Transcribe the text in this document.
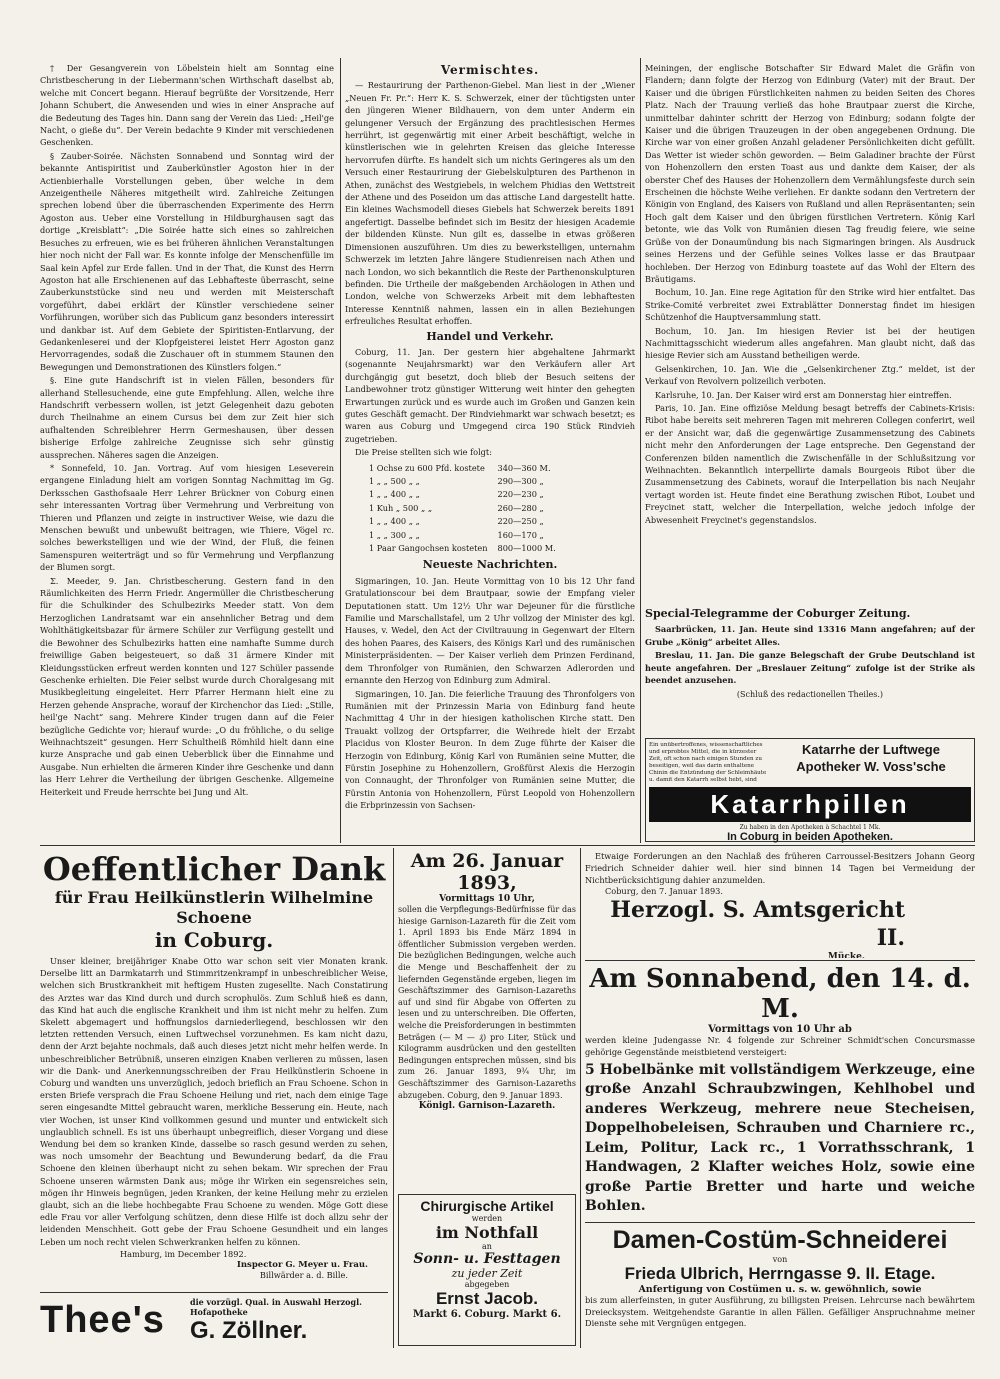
† Der Gesangverein von Löbelstein hielt am Sonntag eine Christbescherung in der Liebermann'schen Wirthschaft daselbst ab, welche mit Concert begann. Hierauf begrüßte der Vorsitzende, Herr Johann Schubert, die Anwesenden und wies in einer Ansprache auf die Bedeutung des Tages hin. Dann sang der Verein das Lied: „Heil'ge Nacht, o gieße du“. Der Verein bedachte 9 Kinder mit verschiedenen Geschenken.

§ Zauber-Soirée. Nächsten Sonnabend und Sonntag wird der bekannte Antispiritist und Zauberkünstler Agoston hier in der Actienbierhalle Vorstellungen geben, über welche in dem Anzeigentheile Näheres mitgetheilt wird. Zahlreiche Zeitungen sprechen lobend über die überraschenden Experimente des Herrn Agoston aus. Ueber eine Vorstellung in Hildburghausen sagt das dortige „Kreisblatt“: „Die Soirée hatte sich eines so zahlreichen Besuches zu erfreuen, wie es bei früheren ähnlichen Veranstaltungen hier noch nicht der Fall war. Es konnte infolge der Menschenfülle im Saal kein Apfel zur Erde fallen. Und in der That, die Kunst des Herrn Agoston hat alle Erschienenen auf das Lebhafteste überrascht, seine Zauberkunststücke sind neu und werden mit Meisterschaft vorgeführt, dabei erklärt der Künstler verschiedene seiner Vorführungen, worüber sich das Publicum ganz besonders interessirt und dankbar ist. Auf dem Gebiete der Spiritisten-Entlarvung, der Gedankenleserei und der Klopfgeisterei leistet Herr Agoston ganz Hervorragendes, sodaß die Zuschauer oft in stummem Staunen den Bewegungen und Demonstrationen des Künstlers folgen.“

§. Eine gute Handschrift ist in vielen Fällen, besonders für allerhand Stellesuchende, eine gute Empfehlung. Allen, welche ihre Handschrift verbessern wollen, ist jetzt Gelegenheit dazu geboten durch Theilnahme an einem Cursus bei dem zur Zeit hier sich aufhaltenden Schreiblehrer Herrn Germeshausen, über dessen bisherige Erfolge zahlreiche Zeugnisse sich sehr günstig aussprechen. Näheres sagen die Anzeigen.

* Sonnefeld, 10. Jan. Vortrag. Auf vom hiesigen Leseverein ergangene Einladung hielt am vorigen Sonntag Nachmittag im Gg. Derksschen Gasthofsaale Herr Lehrer Brückner von Coburg einen sehr interessanten Vortrag über Vermehrung und Verbreitung von Thieren und Pflanzen und zeigte in instructiver Weise, wie dazu die Menschen bewußt und unbewußt beitragen, wie Thiere, Vögel rc. solches bewerkstelligen und wie der Wind, der Fluß, die feinen Samenspuren weiterträgt und so für Vermehrung und Verpflanzung der Blumen sorgt.

Σ. Meeder, 9. Jan. Christbescherung. Gestern fand in den Räumlichkeiten des Herrn Friedr. Angermüller die Christbescherung für die Schulkinder des Schulbezirks Meeder statt. Von dem Herzoglichen Landratsamt war ein ansehnlicher Betrag und dem Wohlthätigkeitsbazar für ärmere Schüler zur Verfügung gestellt und die Bewohner des Schulbezirks hatten eine namhafte Summe durch freiwillige Gaben beigesteuert, so daß 31 ärmere Kinder mit Kleidungsstücken erfreut werden konnten und 127 Schüler passende Geschenke erhielten. Die Feier selbst wurde durch Choralgesang mit Musikbegleitung eingeleitet. Herr Pfarrer Hermann hielt eine zu Herzen gehende Ansprache, worauf der Kirchenchor das Lied: „Stille, heil'ge Nacht“ sang. Mehrere Kinder trugen dann auf die Feier bezügliche Gedichte vor; hierauf wurde: „O du fröhliche, o du selige Weihnachtszeit“ gesungen. Herr Schultheiß Römhild hielt dann eine kurze Ansprache und gab einen Ueberblick über die Einnahme und Ausgabe. Nun erhielten die ärmeren Kinder ihre Geschenke und dann las Herr Lehrer die Vertheilung der übrigen Geschenke. Allgemeine Heiterkeit und Freude herrschte bei Jung und Alt.

Vermischtes.

— Restaurirung der Parthenon-Giebel. Man liest in der „Wiener „Neuen Fr. Pr.“: Herr K. S. Schwerzek, einer der tüchtigsten unter den jüngeren Wiener Bildhauern, von dem unter Anderm ein gelungener Versuch der Ergänzung des prachtlesischen Hermes herrührt, ist gegenwärtig mit einer Arbeit beschäftigt, welche in künstlerischen wie in gelehrten Kreisen das gleiche Interesse hervorrufen dürfte. Es handelt sich um nichts Geringeres als um den Versuch einer Restaurirung der Giebelskulpturen des Parthenon in Athen, zunächst des Westgiebels, in welchem Phidias den Wettstreit der Athene und des Poseidon um das attische Land dargestellt hatte. Ein kleines Wachsmodell dieses Giebels hat Schwerzek bereits 1891 angefertigt. Dasselbe befindet sich im Besitz der hiesigen Academie der bildenden Künste. Nun gilt es, dasselbe in etwas größeren Dimensionen auszuführen. Um dies zu bewerkstelligen, unternahm Schwerzek im letzten Jahre längere Studienreisen nach Athen und nach London, wo sich bekanntlich die Reste der Parthenonskulpturen befinden. Die Urtheile der maßgebenden Archäologen in Athen und London, welche von Schwerzeks Arbeit mit dem lebhaftesten Interesse Kenntniß nahmen, lassen ein in allen Beziehungen erfreuliches Resultat erhoffen.

Handel und Verkehr.

Coburg, 11. Jan. Der gestern hier abgehaltene Jahrmarkt (sogenannte Neujahrsmarkt) war den Verkäufern aller Art durchgängig gut besetzt, doch blieb der Besuch seitens der Landbewohner trotz günstiger Witterung weit hinter den gehegten Erwartungen zurück und es wurde auch im Großen und Ganzen kein gutes Geschäft gemacht. Der Rindviehmarkt war schwach besetzt; es waren aus Coburg und Umgegend circa 190 Stück Rindvieh zugetrieben.

Die Preise stellten sich wie folgt:

1 Ochse zu 600 Pfd. kostete	340—360 M.
1 „ „ 500 „ „	290—300 „
1 „ „ 400 „ „	220—230 „
1 Kuh „ 500 „ „	260—280 „
1 „ „ 400 „ „	220—250 „
1 „ „ 300 „ „	160—170 „
1 Paar Gangochsen kosteten	800—1000 M.
Neueste Nachrichten.

Sigmaringen, 10. Jan. Heute Vormittag von 10 bis 12 Uhr fand Gratulationscour bei dem Brautpaar, sowie der Empfang vieler Deputationen statt. Um 12½ Uhr war Dejeuner für die fürstliche Familie und Marschallstafel, um 2 Uhr vollzog der Minister des kgl. Hauses, v. Wedel, den Act der Civiltrauung in Gegenwart der Eltern des hohen Paares, des Kaisers, des Königs Karl und des rumänischen Ministerpräsidenten. — Der Kaiser verlieh dem Prinzen Ferdinand, dem Thronfolger von Rumänien, den Schwarzen Adlerorden und ernannte den Herzog von Edinburg zum Admiral.

Sigmaringen, 10. Jan. Die feierliche Trauung des Thronfolgers von Rumänien mit der Prinzessin Maria von Edinburg fand heute Nachmittag 4 Uhr in der hiesigen katholischen Kirche statt. Den Trauakt vollzog der Ortspfarrer, die Weihrede hielt der Erzabt Placidus von Kloster Beuron. In dem Zuge führte der Kaiser die Herzogin von Edinburg, König Karl von Rumänien seine Mutter, die Fürstin Josephine zu Hohenzollern, Großfürst Alexis die Herzogin von Connaught, der Thronfolger von Rumänien seine Mutter, die Fürstin Antonia von Hohenzollern, Fürst Leopold von Hohenzollern die Erbprinzessin von Sachsen-

Meiningen, der englische Botschafter Sir Edward Malet die Gräfin von Flandern; dann folgte der Herzog von Edinburg (Vater) mit der Braut. Der Kaiser und die übrigen Fürstlichkeiten nahmen zu beiden Seiten des Chores Platz. Nach der Trauung verließ das hohe Brautpaar zuerst die Kirche, unmittelbar dahinter schritt der Herzog von Edinburg; sodann folgte der Kaiser und die übrigen Trauzeugen in der oben angegebenen Ordnung. Die Kirche war von einer großen Anzahl geladener Persönlichkeiten dicht gefüllt. Das Wetter ist wieder schön geworden. — Beim Galadiner brachte der Fürst von Hohenzollern den ersten Toast aus und dankte dem Kaiser, der als oberster Chef des Hauses der Hohenzollern dem Vermählungsfeste durch sein Erscheinen die höchste Weihe verliehen. Er dankte sodann den Vertretern der Königin von England, des Kaisers von Rußland und allen Repräsentanten; sein Hoch galt dem Kaiser und den übrigen fürstlichen Vertretern. König Karl betonte, wie das Volk von Rumänien diesen Tag freudig feiere, wie seine Grüße von der Donaumündung bis nach Sigmaringen bringen. Als Ausdruck seines Herzens und der Gefühle seines Volkes lasse er das Brautpaar hochleben. Der Herzog von Edinburg toastete auf das Wohl der Eltern des Bräutigams.

Bochum, 10. Jan. Eine rege Agitation für den Strike wird hier entfaltet. Das Strike-Comité verbreitet zwei Extrablätter Donnerstag findet im hiesigen Schützenhof die Hauptversammlung statt.

Bochum, 10. Jan. Im hiesigen Revier ist bei der heutigen Nachmittagsschicht wiederum alles angefahren. Man glaubt nicht, daß das hiesige Revier sich am Ausstand betheiligen werde.

Gelsenkirchen, 10. Jan. Wie die „Gelsenkirchener Ztg.“ meldet, ist der Verkauf von Revolvern polizeilich verboten.

Karlsruhe, 10. Jan. Der Kaiser wird erst am Donnerstag hier eintreffen.

Paris, 10. Jan. Eine offiziöse Meldung besagt betreffs der Cabinets-Krisis: Ribot habe bereits seit mehreren Tagen mit mehreren Collegen conferirt, weil er der Ansicht war, daß die gegenwärtige Zusammensetzung des Cabinets nicht mehr den Anforderungen der Lage entspreche. Den Gegenstand der Conferenzen bilden namentlich die Zwischenfälle in der Schlußsitzung vor Weihnachten. Bekanntlich interpellirte damals Bourgeois Ribot über die Zusammensetzung des Cabinets, worauf die Interpellation bis nach Neujahr vertagt worden ist. Heute findet eine Berathung zwischen Ribot, Loubet und Freycinet statt, welcher die Interpellation, welche jedoch infolge der Abwesenheit Freycinet's gegenstandslos.

Special-Telegramme der Coburger Zeitung.

Saarbrücken, 11. Jan. Heute sind 13316 Mann angefahren; auf der Grube „König“ arbeitet Alles.

Breslau, 11. Jan. Die ganze Belegschaft der Grube Deutschland ist heute angefahren. Der „Breslauer Zeitung“ zufolge ist der Strike als beendet anzusehen.

(Schluß des redactionellen Theiles.)
Ein unübertroffenes, wissenschaftliches und erprobtes Mittel, die in kürzester Zeit, oft schon nach einigen Stunden zu beseitigen, weil das darin enthaltene Chinin die Entzündung der Schleimhäute u. damit den Katarrh selbst hebt, sind
Katarrhe der Luftwege
Apotheker W. Voss'sche
Katarrhpillen
Zu haben in den Apotheken à Schachtel 1 Mk.
In Coburg in beiden Apotheken.
Oeffentlicher Dank
für Frau Heilkünstlerin Wilhelmine Schoene
in Coburg.
Unser kleiner, breijähriger Knabe Otto war schon seit vier Monaten krank. Derselbe litt an Darmkatarrh und Stimmritzenkrampf in unbeschreiblicher Weise, welchen sich Brustkrankheit mit heftigem Husten zugesellte. Nach Constatirung des Arztes war das Kind durch und durch scrophulös. Zum Schluß hieß es dann, das Kind hat auch die englische Krankheit und ihm ist nicht mehr zu helfen. Zum Skelett abgemagert und hoffnungslos darniederliegend, beschlossen wir den letzten rettenden Versuch, einen Luftwechsel vorzunehmen. Es kam nicht dazu, denn der Arzt bejahte nochmals, daß auch dieses jetzt nicht mehr helfen werde. In unbeschreiblicher Betrübniß, unseren einzigen Knaben verlieren zu müssen, lasen wir die Dank- und Anerkennungsschreiben der Frau Heilkünstlerin Schoene in Coburg und wandten uns unverzüglich, jedoch brieflich an Frau Schoene. Schon in ersten Briefe versprach die Frau Schoene Heilung und riet, nach dem einige Tage seren eingesandte Mittel gebraucht waren, merkliche Besserung ein. Heute, nach vier Wochen, ist unser Kind vollkommen gesund und munter und entwickelt sich unglaublich schnell. Es ist uns überhaupt unbegreiflich, dieser Vorgang und diese Wendung bei dem so kranken Kinde, dasselbe so rasch gesund werden zu sehen, was noch umsomehr der Beachtung und Bewunderung bedarf, da die Frau Schoene den kleinen überhaupt nicht zu sehen bekam. Wir sprechen der Frau Schoene unseren wärmsten Dank aus; möge ihr Wirken ein segensreiches sein, mögen ihr Hinweis begnügen, jeden Kranken, der keine Heilung mehr zu erzielen glaubt, sich an die liebe hochbegabte Frau Schoene zu wenden. Möge Gott diese edle Frau vor aller Verfolgung schützen, denn diese Hilfe ist doch allzu sehr der leidenden Menschheit. Gott gebe der Frau Schoene Gesundheit und ein langes Leben um noch recht vielen Schwerkranken helfen zu können.
Hamburg, im December 1892.
Inspector G. Meyer u. Frau.
Billwärder a. d. Bille.
Thee's	die vorzügl. Qual. in Auswahl Herzogl. Hofapotheke
G. Zöllner.
Am 26. Januar 1893,
Vormittags 10 Uhr,
sollen die Verpflegungs-Bedürfnisse für das hiesige Garnison-Lazareth für die Zeit vom 1. April 1893 bis Ende März 1894 in öffentlicher Submission vergeben werden. Die bezüglichen Bedingungen, welche auch die Menge und Beschaffenheit der zu liefernden Gegenstände ergeben, liegen im Geschäftszimmer des Garnison-Lazareths auf und sind für Abgabe von Offerten zu lesen und zu unterschreiben. Die Offerten, welche die Preisforderungen in bestimmten Beträgen (— M — ₰) pro Liter, Stück und Kilogramm ausdrücken und den gestellten Bedingungen entsprechen müssen, sind bis zum 26. Januar 1893, 9¾ Uhr, im Geschäftszimmer des Garnison-Lazareths abzugeben. Coburg, den 9. Januar 1893.
Königl. Garnison-Lazareth.
Chirurgische Artikel
werden
im Nothfall
an
Sonn- u. Festtagen
zu jeder Zeit
abgegeben
Ernst Jacob.
Markt 6. Coburg. Markt 6.
Etwaige Forderungen an den Nachlaß des früheren Carroussel-Besitzers Johann Georg Friedrich Schneider dahier weil. hier sind binnen 14 Tagen bei Vermeidung der Nichtberücksichtigung dahier anzumelden.
Coburg, den 7. Januar 1893.
Herzogl. S. Amtsgericht II.
Mücke.
Am Sonnabend, den 14. d. M.
Vormittags von 10 Uhr ab
werden kleine Judengasse Nr. 4 folgende zur Schreiner Schmidt'schen Concursmasse gehörige Gegenstände meistbietend versteigert:
5 Hobelbänke mit vollständigem Werkzeuge, eine große Anzahl Schraubzwingen, Kehlhobel und anderes Werkzeug, mehrere neue Stecheisen, Doppelhobeleisen, Schrauben und Charniere rc., Leim, Politur, Lack rc., 1 Vorrathsschrank, 1 Handwagen, 2 Klafter weiches Holz, sowie eine große Partie Bretter und harte und weiche Bohlen.
Damen-Costüm-Schneiderei
von
Frieda Ulbrich, Herrngasse 9. II. Etage.
Anfertigung von Costümen u. s. w. gewöhnlich, sowie
bis zum allerfeinsten, in guter Ausführung, zu billigsten Preisen. Lehrcurse nach bewährtem Dreiecksystem. Weitgehendste Garantie in allen Fällen. Gefälliger Anspruchnahme meiner Dienste sehe mit Vergnügen entgegen.
